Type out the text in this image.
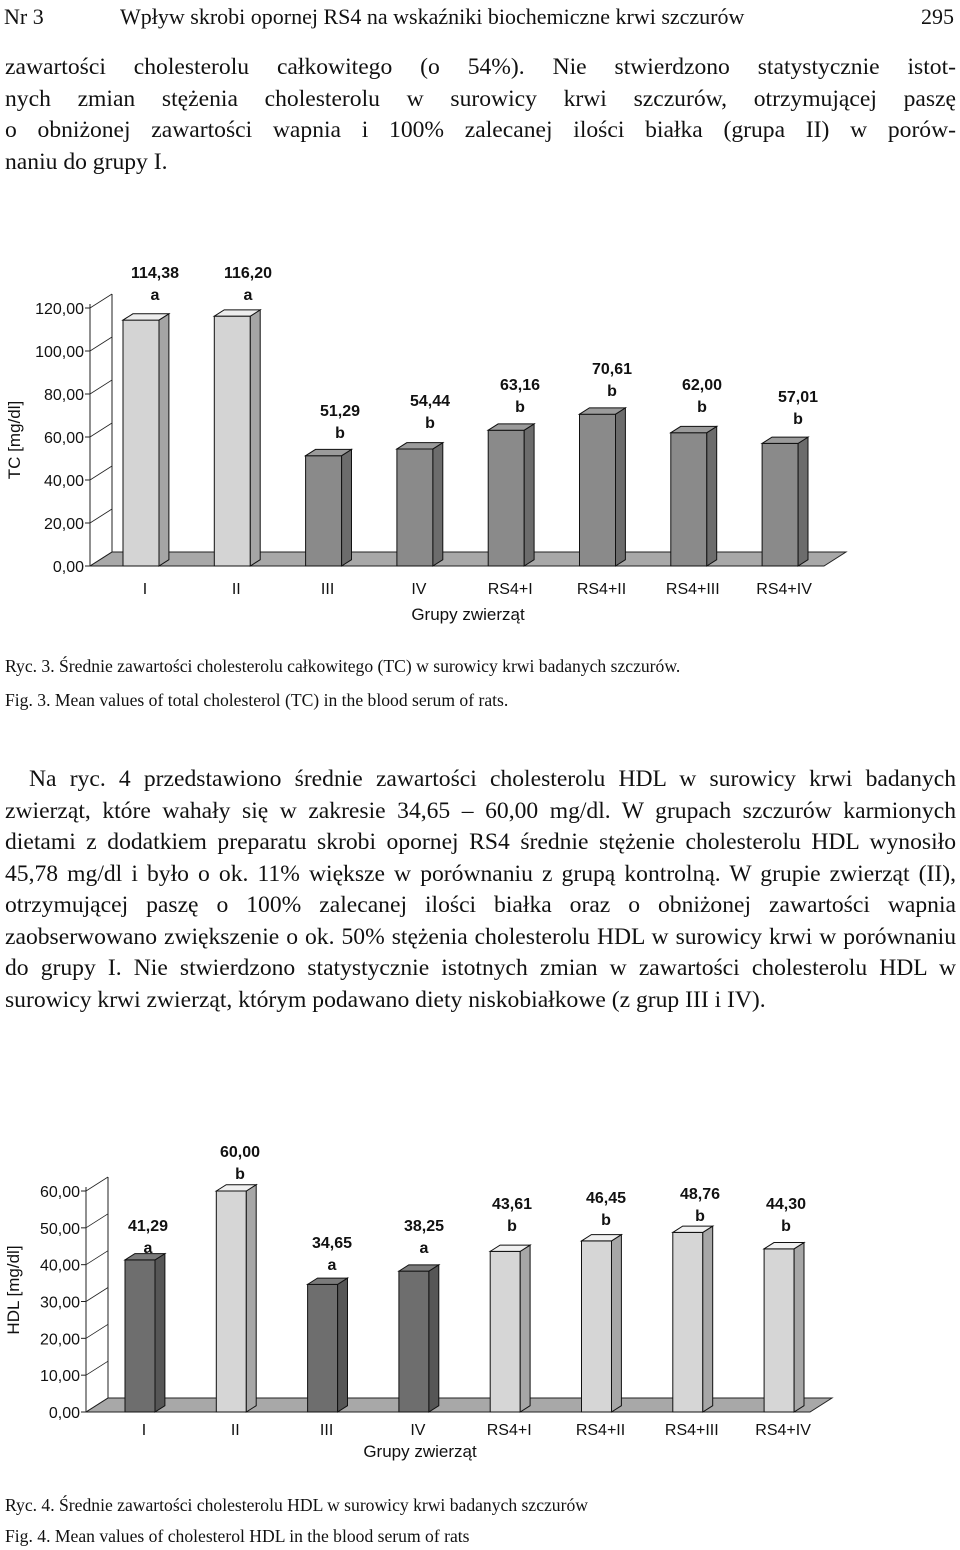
Nr 3	Wpływ skrobi opornej RS4 na wskaźniki biochemiczne krwi szczurów	295
zawartości cholesterolu całkowitego (o 54%). Nie stwierdzono statystycznie istot-
nych zmian stężenia cholesterolu w surowicy krwi szczurów, otrzymującej paszę
o obniżonej zawartości wapnia i 100% zalecanej ilości białka (grupa II) w porów-
naniu do grupy I.
0,00
20,00
40,00
60,00
80,00
100,00
120,00
I
114,38
a
II
116,20
a
III
51,29
b
IV
54,44
b
RS4+I
63,16
b
RS4+II
70,61
b
RS4+III
62,00
b
RS4+IV
57,01
b
TC [mg/dl]
Grupy zwierząt
Ryc. 3. Średnie zawartości cholesterolu całkowitego (TC) w surowicy krwi badanych szczurów.
Fig. 3. Mean values of total cholesterol (TC) in the blood serum of rats.

Na ryc. 4 przedstawiono średnie zawartości cholesterolu HDL w surowicy krwi badanych zwierząt, które wahały się w zakresie 34,65 – 60,00 mg/dl. W grupach szczurów karmionych dietami z dodatkiem preparatu skrobi opornej RS4 średnie stężenie cholesterolu HDL wynosiło 45,78 mg/dl i było o ok. 11% większe w porównaniu z grupą kontrolną. W grupie zwierząt (II), otrzymującej paszę o 100% zalecanej ilości białka oraz o obniżonej zawartości wapnia zaobserwowano zwiększenie o ok. 50% stężenia cholesterolu HDL w surowicy krwi w porównaniu do grupy I. Nie stwierdzono statystycznie istotnych zmian w zawartości cholesterolu HDL w surowicy krwi zwierząt, którym podawano diety niskobiałkowe (z grup III i IV).

0,00
10,00
20,00
30,00
40,00
50,00
60,00
I
41,29
a
II
60,00
b
III
34,65
a
IV
38,25
a
RS4+I
43,61
b
RS4+II
46,45
b
RS4+III
48,76
b
RS4+IV
44,30
b
HDL [mg/dl]
Grupy zwierząt
Ryc. 4. Średnie zawartości cholesterolu HDL w surowicy krwi badanych szczurów
Fig. 4. Mean values of cholesterol HDL in the blood serum of rats
